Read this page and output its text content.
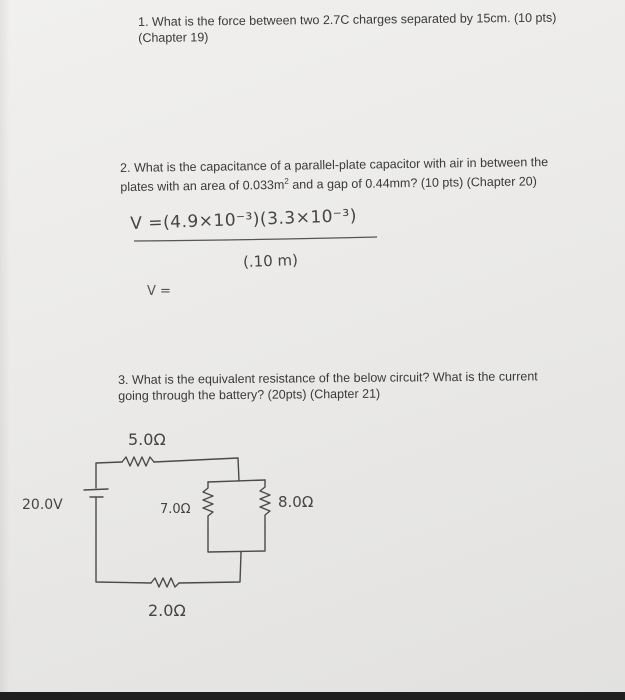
1. What is the force between two 2.7C charges separated by 15cm. (10 pts) (Chapter 19)
2. What is the capacitance of a parallel-plate capacitor with air in between the plates with an area of $0.033m^2$ and a gap of 0.44mm? (10 pts) (Chapter 20)
3. What is the equivalent resistance of the below circuit? What is the current going through the battery? (20pts) (Chapter 21)
V =(4.9×10⁻³)(3.3×10⁻³)
(.10 m)
V =
20.0V
5.0Ω
7.0Ω	8.0Ω
2.0Ω
